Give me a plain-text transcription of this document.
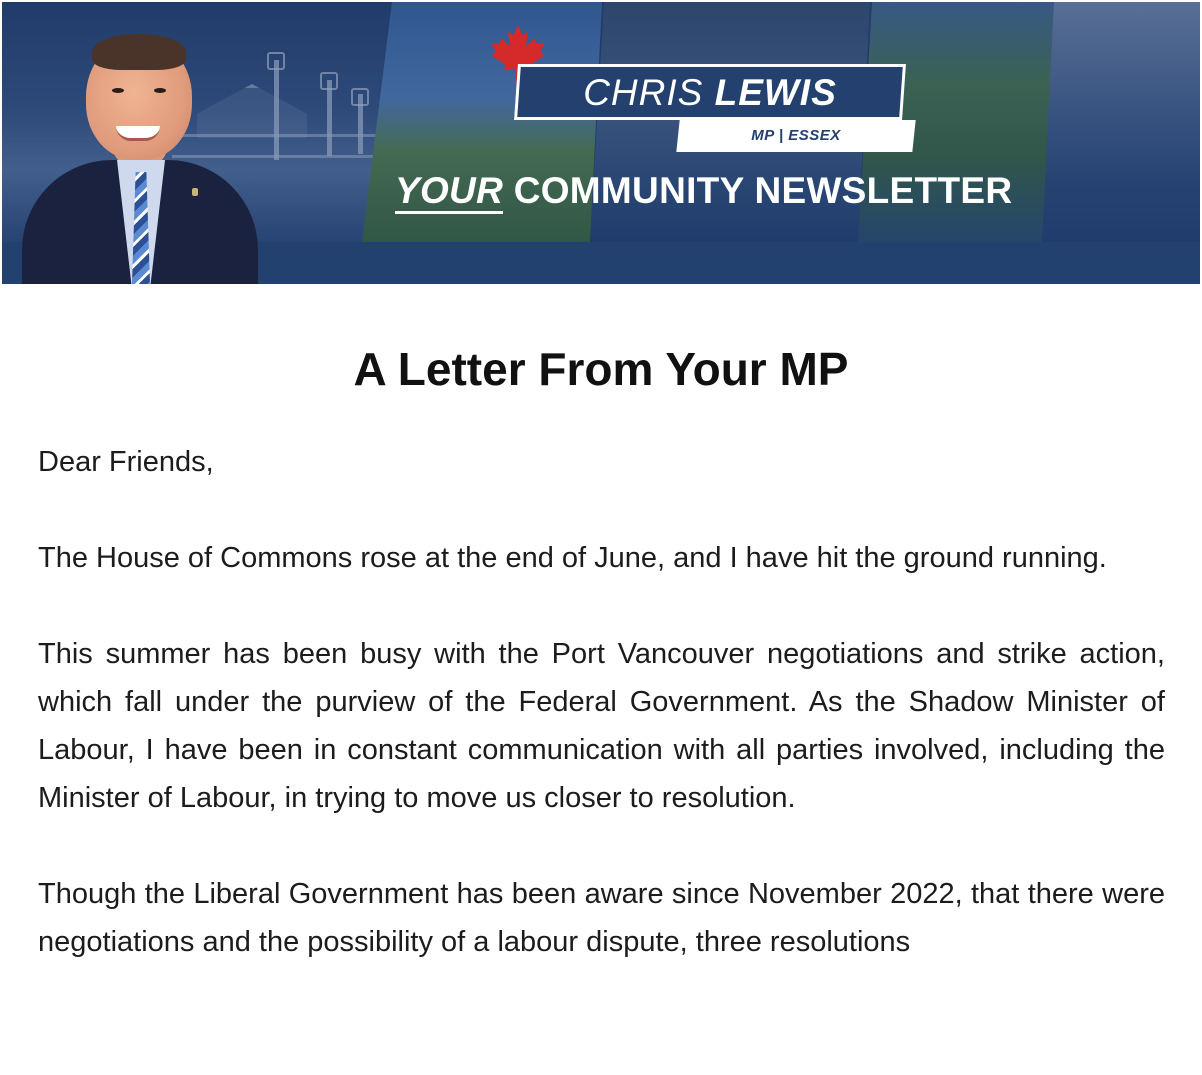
CHRIS LEWIS
MP | ESSEX
YOUR COMMUNITY NEWSLETTER
A Letter From Your MP

Dear Friends,

The House of Commons rose at the end of June, and I have hit the ground running.

This summer has been busy with the Port Vancouver negotiations and strike action, which fall under the purview of the Federal Government. As the Shadow Minister of Labour, I have been in constant communication with all parties involved, including the Minister of Labour, in trying to move us closer to resolution.

Though the Liberal Government has been aware since November 2022, that there were negotiations and the possibility of a labour dispute, three resolutions
